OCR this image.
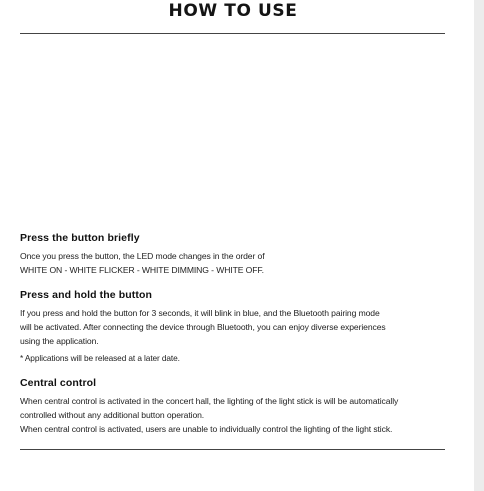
HOW TO USE
Press the button briefly

Once you press the button, the LED mode changes in the order of
WHITE ON - WHITE FLICKER - WHITE DIMMING - WHITE OFF.

Press and hold the button

If you press and hold the button for 3 seconds, it will blink in blue, and the Bluetooth pairing mode
will be activated. After connecting the device through Bluetooth, you can enjoy diverse experiences
using the application.

* Applications will be released at a later date.
Central control

When central control is activated in the concert hall, the lighting of the light stick is will be automatically
controlled without any additional button operation.
When central control is activated, users are unable to individually control the lighting of the light stick.
